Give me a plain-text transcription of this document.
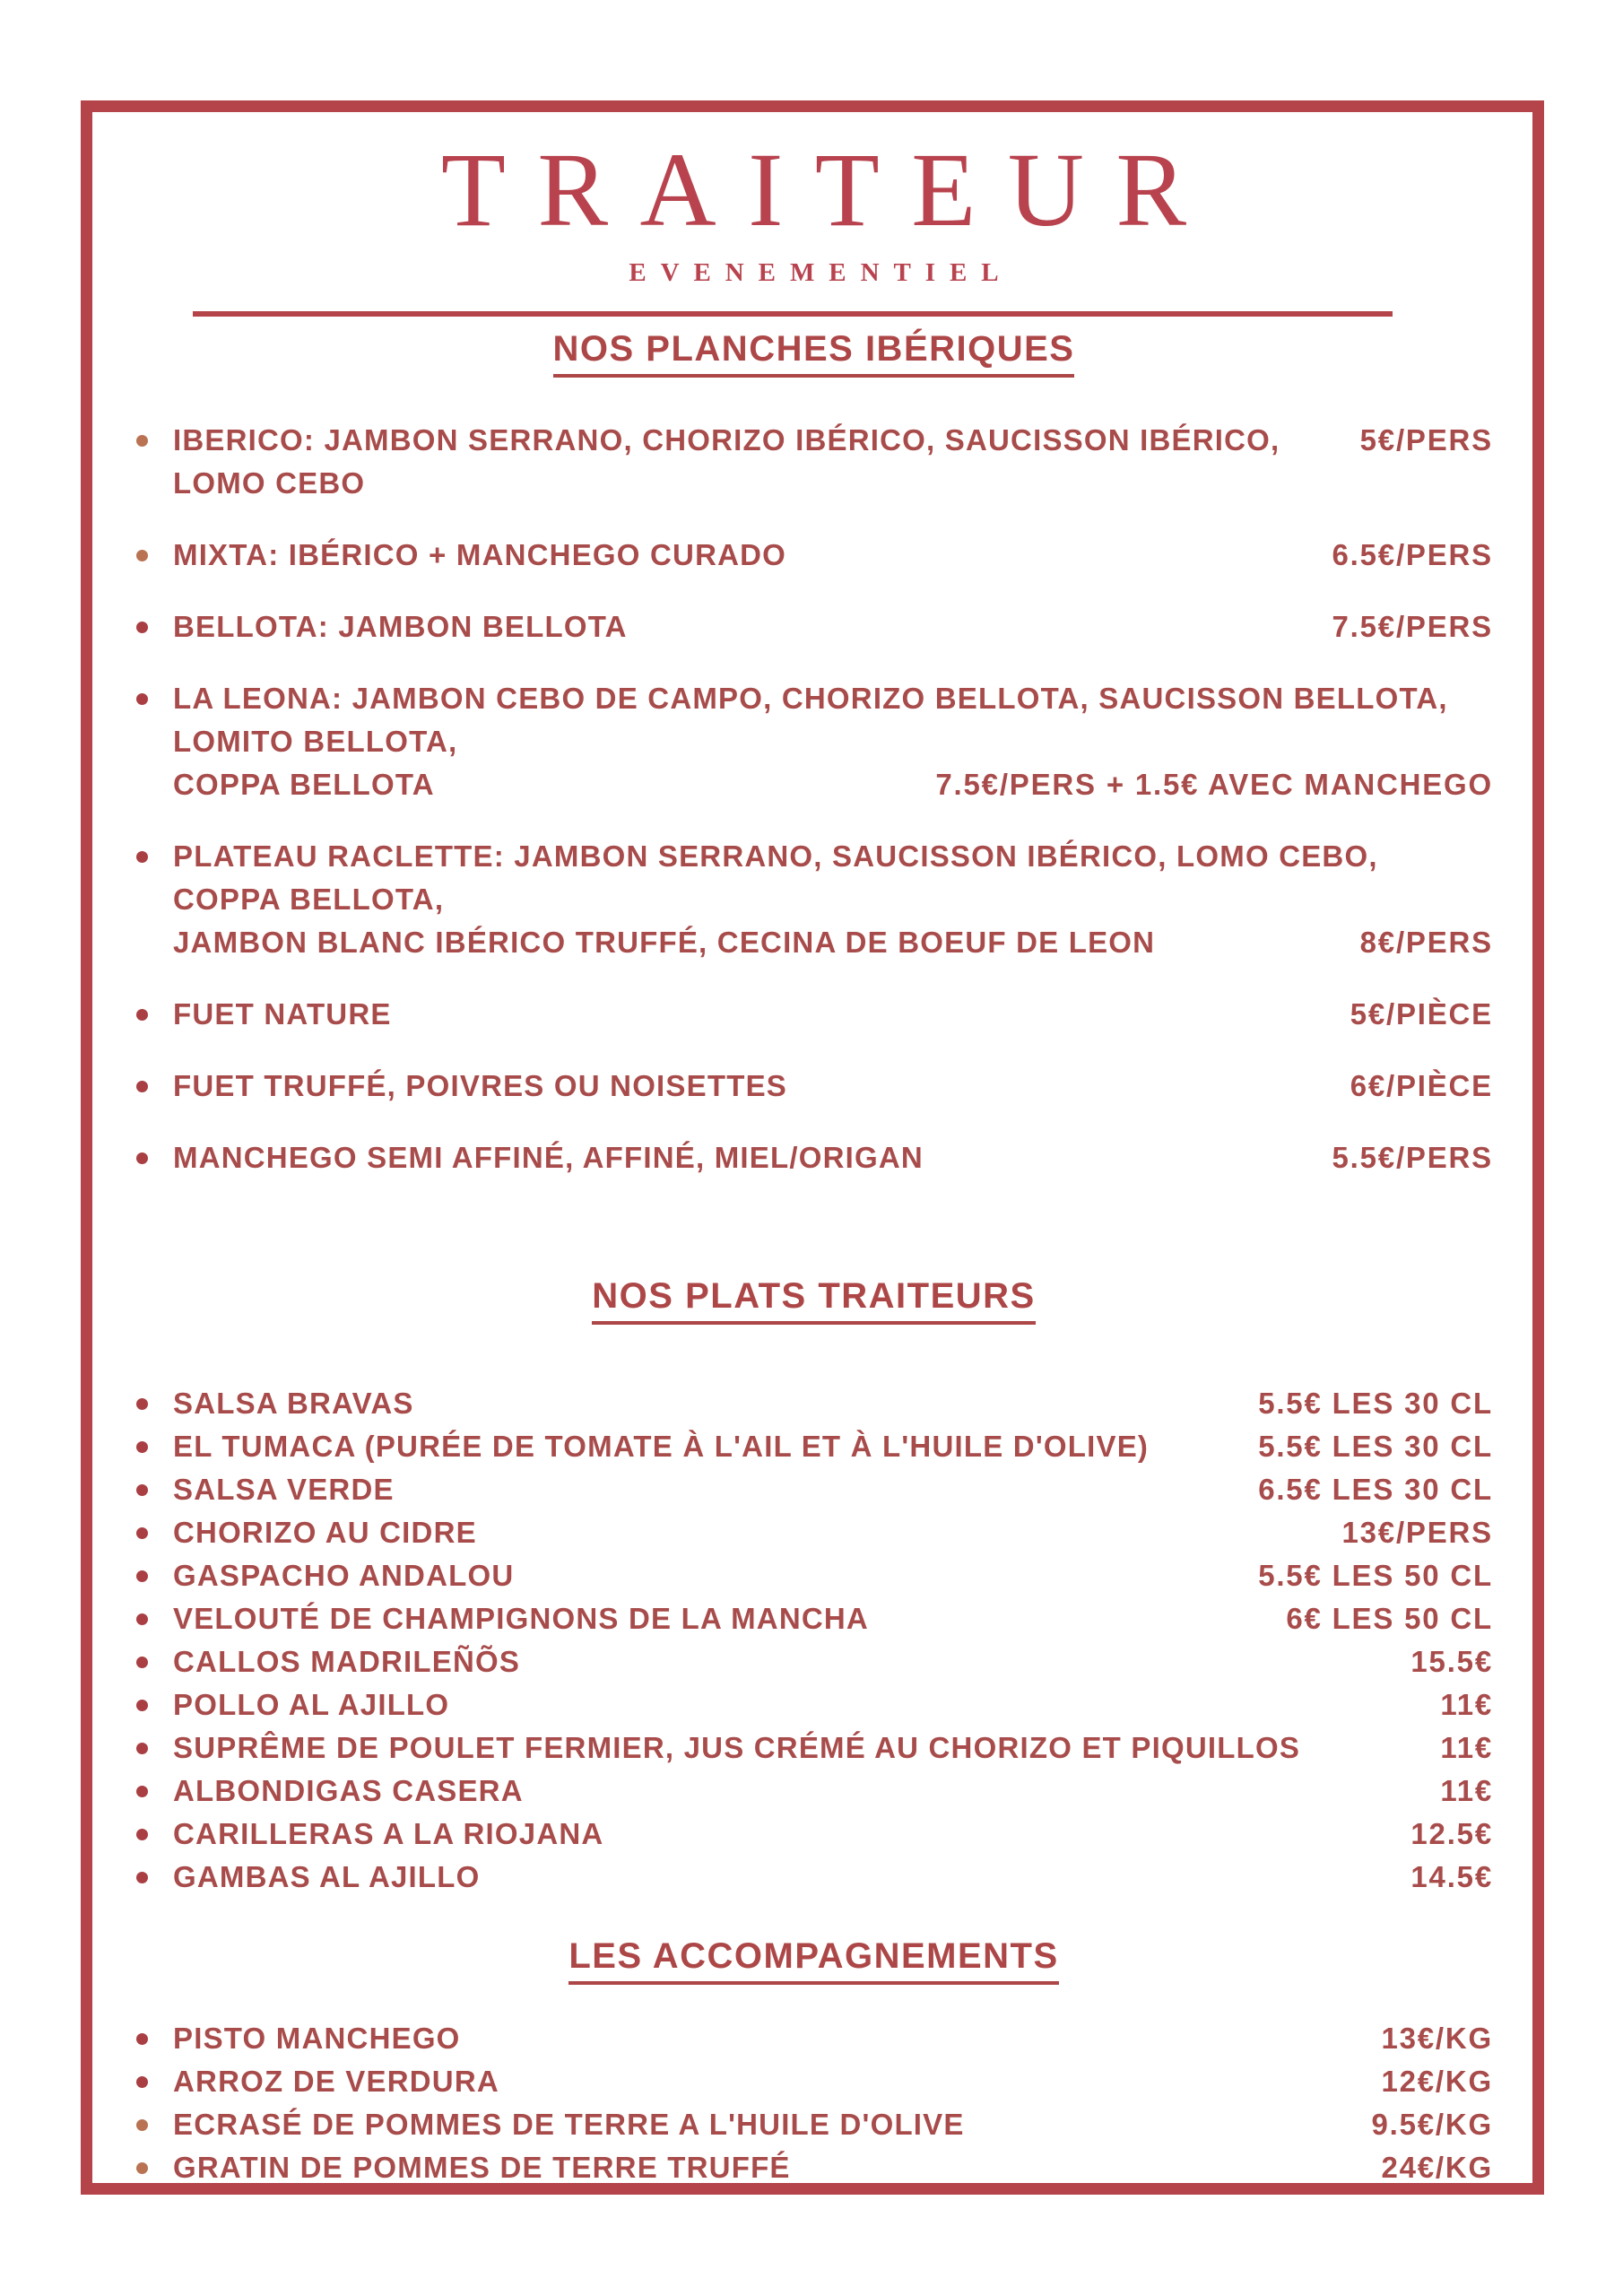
TRAITEUR
EVENEMENTIEL
NOS PLANCHES IBÉRIQUES
IBERICO: JAMBON SERRANO, CHORIZO IBÉRICO, SAUCISSON IBÉRICO, LOMO CEBO
5€/PERS
MIXTA: IBÉRICO + MANCHEGO CURADO	6.5€/PERS
BELLOTA: JAMBON BELLOTA	7.5€/PERS
LA LEONA: JAMBON CEBO DE CAMPO, CHORIZO BELLOTA, SAUCISSON BELLOTA, LOMITO BELLOTA,
COPPA BELLOTA	7.5€/PERS + 1.5€ AVEC MANCHEGO
PLATEAU RACLETTE: JAMBON SERRANO, SAUCISSON IBÉRICO, LOMO CEBO, COPPA BELLOTA,
JAMBON BLANC IBÉRICO TRUFFÉ, CECINA DE BOEUF DE LEON	8€/PERS
FUET NATURE	5€/PIÈCE
FUET TRUFFÉ, POIVRES OU NOISETTES	6€/PIÈCE
MANCHEGO SEMI AFFINÉ, AFFINÉ, MIEL/ORIGAN	5.5€/PERS
NOS PLATS TRAITEURS
SALSA BRAVAS	5.5€ LES 30 CL
EL TUMACA (PURÉE DE TOMATE À L'AIL ET À L'HUILE D'OLIVE)	5.5€ LES 30 CL
SALSA VERDE	6.5€ LES 30 CL
CHORIZO AU CIDRE	13€/PERS
GASPACHO ANDALOU	5.5€ LES 50 CL
VELOUTÉ DE CHAMPIGNONS DE LA MANCHA	6€ LES 50 CL
CALLOS MADRILEÑÕS	15.5€
POLLO AL AJILLO	11€
SUPRÊME DE POULET FERMIER, JUS CRÉMÉ AU CHORIZO ET PIQUILLOS	11€
ALBONDIGAS CASERA	11€
CARILLERAS A LA RIOJANA	12.5€
GAMBAS AL AJILLO	14.5€
LES ACCOMPAGNEMENTS
PISTO MANCHEGO	13€/KG
ARROZ DE VERDURA	12€/KG
ECRASÉ DE POMMES DE TERRE A L'HUILE D'OLIVE	9.5€/KG
GRATIN DE POMMES DE TERRE TRUFFÉ	24€/KG
